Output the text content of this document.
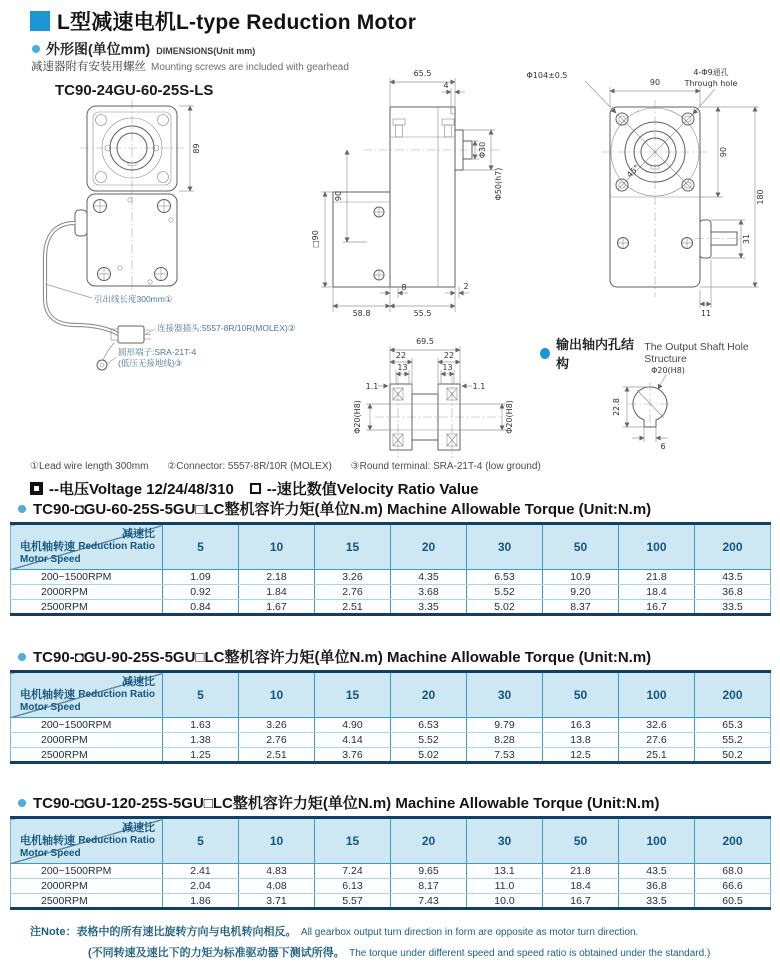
L型减速电机L-type Reduction Motor
外形图(单位mm) DIMENSIONS(Unit mm)
减速器附有安装用螺丝 Mounting screws are included with gearhead
TC90-24GU-60-25S-LS
89
引出线长度300mm①
连接器插头:5557-8R/10R(MOLEX)②
圆形端子:SRA-21T-4
(低压无接地线)③
65.5
4
Φ30
Φ50(h7)
90
□90
58.8	55.5
8	2
45°
90
Φ104±0.5	4-Φ9通孔
Through hole
90
180
31
11
69.5
22	22
13	13
1.1	1.1
Φ20(H8)	Φ20(H8)
输出轴内孔结构
The Output Shaft Hole Structure
Φ20(H8)
22.8
6
①Lead wire length 300mm ②Connector: 5557-8R/10R (MOLEX) ③Round terminal: SRA-21T-4 (low ground)
--电压Voltage 12/24/48/310 --速比数值Velocity Ratio Value
TC90-◘GU-60-25S-5GU□LC整机容许力矩(单位N.m) Machine Allowable Torque (Unit:N.m)
减速比
Reduction Ratio
电机轴转速
Motor Speed	5	10	15	20	30	50	100	200
200~1500RPM	1.09	2.18	3.26	4.35	6.53	10.9	21.8	43.5
2000RPM	0.92	1.84	2.76	3.68	5.52	9.20	18.4	36.8
2500RPM	0.84	1.67	2.51	3.35	5.02	8.37	16.7	33.5
TC90-◘GU-90-25S-5GU□LC整机容许力矩(单位N.m) Machine Allowable Torque (Unit:N.m)
减速比
Reduction Ratio
电机轴转速
Motor Speed	5	10	15	20	30	50	100	200
200~1500RPM	1.63	3.26	4.90	6.53	9.79	16.3	32.6	65.3
2000RPM	1.38	2.76	4.14	5.52	8.28	13.8	27.6	55.2
2500RPM	1.25	2.51	3.76	5.02	7.53	12.5	25.1	50.2
TC90-◘GU-120-25S-5GU□LC整机容许力矩(单位N.m) Machine Allowable Torque (Unit:N.m)
减速比
Reduction Ratio
电机轴转速
Motor Speed	5	10	15	20	30	50	100	200
200~1500RPM	2.41	4.83	7.24	9.65	13.1	21.8	43.5	68.0
2000RPM	2.04	4.08	6.13	8.17	11.0	18.4	36.8	66.6
2500RPM	1.86	3.71	5.57	7.43	10.0	16.7	33.5	60.5
注Note：表格中的所有速比旋转方向与电机转向相反。 All gearbox output turn direction in form are opposite as motor turn direction.
(不同转速及速比下的力矩为标准驱动器下测试所得。 The torque under different speed and speed ratio is obtained under the standard.)
